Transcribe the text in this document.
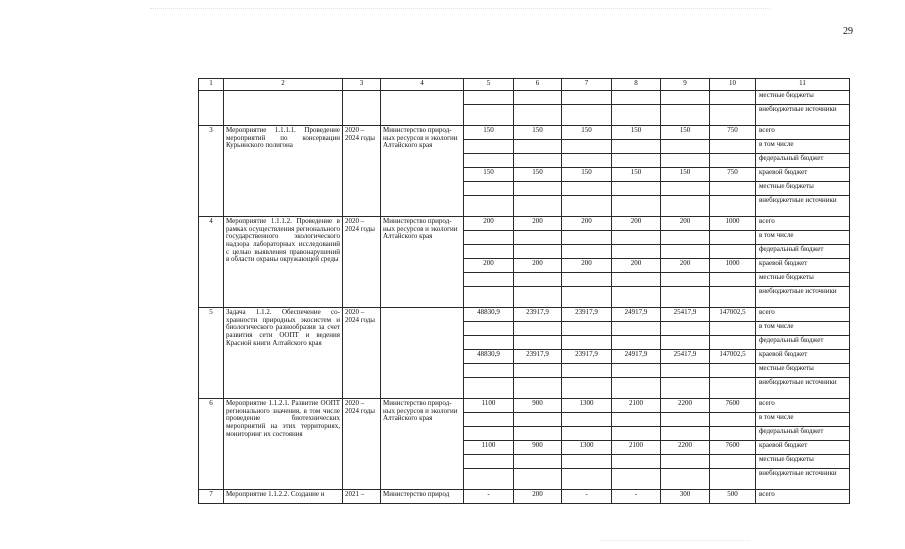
29
1	2	3	4	5	6	7	8	9	10	11
										местные бюджеты
										внебюджетные источники
3	Мероприятие 1.1.1.1. Проведение мероприятий по консервации Курьинского полигона	2020 – 2024 годы	Министерство природных ресурсов и экологии Алтайского края	150	150	150	150	150	750	всего
										в том числе
										федеральный бюджет
				150	150	150	150	150	750	краевой бюджет
										местные бюджеты
										внебюджетные источники
4	Мероприятие 1.1.1.2. Проведение в рамках осуществления регионального государственного экологического надзора лабораторных исследований с целью выявления правонарушений в области охраны окружающей среды	2020 – 2024 годы	Министерство природных ресурсов и экологии Алтайского края	200	200	200	200	200	1000	всего
										в том числе
										федеральный бюджет
				200	200	200	200	200	1000	краевой бюджет
										местные бюджеты
										внебюджетные источники
5	Задача 1.1.2. Обеспечение сохранности природных экосистем и биологического разнообразия за счет развития сети ООПТ и ведения Красной книги Алтайского края	2020 – 2024 годы		48830,9	23917,9	23917,9	24917,9	25417,9	147002,5	всего
										в том числе
										федеральный бюджет
				48830,9	23917,9	23917,9	24917,9	25417,9	147002,5	краевой бюджет
										местные бюджеты
										внебюджетные источники
6	Мероприятие 1.1.2.1. Развитие ООПТ регионального значения, в том числе проведение биотехнических мероприятий на этих территориях, мониторинг их состояния	2020 – 2024 годы	Министерство природных ресурсов и экологии Алтайского края	1100	900	1300	2100	2200	7600	всего
										в том числе
										федеральный бюджет
				1100	900	1300	2100	2200	7600	краевой бюджет
										местные бюджеты
										внебюджетные источники
7	Мероприятие 1.1.2.2. Создание и	2021 –	Министерство природ	-	200	-	-	300	500	всего
